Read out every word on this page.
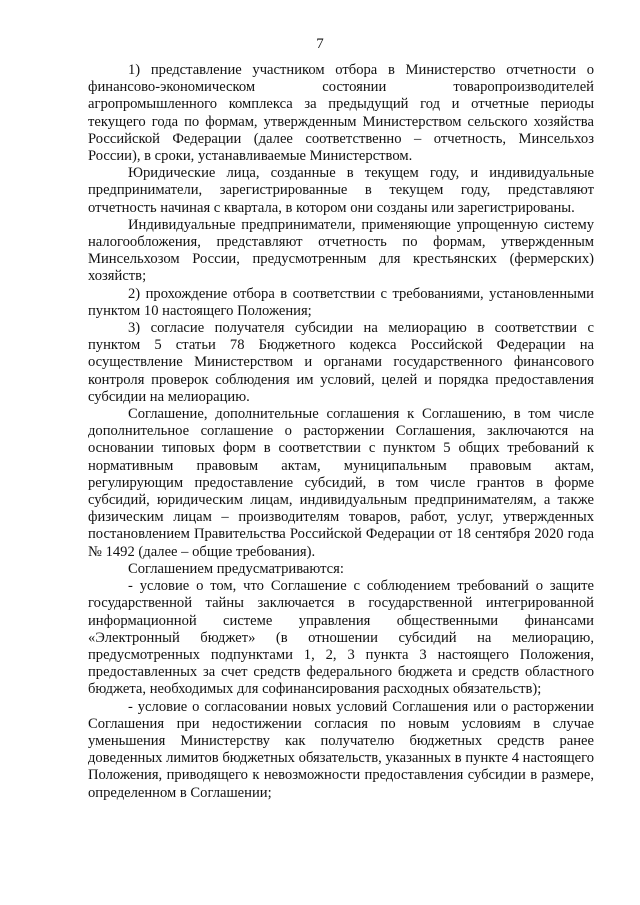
7

1) представление участником отбора в Министерство отчетности о финансово-экономическом состоянии товаропроизводителей агропромышленного комплекса за предыдущий год и отчетные периоды текущего года по формам, утвержденным Министерством сельского хозяйства Российской Федерации (далее соответственно – отчетность, Минсельхоз России), в сроки, устанавливаемые Министерством.

Юридические лица, созданные в текущем году, и индивидуальные предприниматели, зарегистрированные в текущем году, представляют отчетность начиная с квартала, в котором они созданы или зарегистрированы.

Индивидуальные предприниматели, применяющие упрощенную систему налогообложения, представляют отчетность по формам, утвержденным Минсельхозом России, предусмотренным для крестьянских (фермерских) хозяйств;

2) прохождение отбора в соответствии с требованиями, установленными пунктом 10 настоящего Положения;

3) согласие получателя субсидии на мелиорацию в соответствии с пунктом 5 статьи 78 Бюджетного кодекса Российской Федерации на осуществление Министерством и органами государственного финансового контроля проверок соблюдения им условий, целей и порядка предоставления субсидии на мелиорацию.

Соглашение, дополнительные соглашения к Соглашению, в том числе дополнительное соглашение о расторжении Соглашения, заключаются на основании типовых форм в соответствии с пунктом 5 общих требований к нормативным правовым актам, муниципальным правовым актам, регулирующим предоставление субсидий, в том числе грантов в форме субсидий, юридическим лицам, индивидуальным предпринимателям, а также физическим лицам – производителям товаров, работ, услуг, утвержденных постановлением Правительства Российской Федерации от 18 сентября 2020 года № 1492 (далее – общие требования).

Соглашением предусматриваются:

- условие о том, что Соглашение с соблюдением требований о защите государственной тайны заключается в государственной интегрированной информационной системе управления общественными финансами «Электронный бюджет» (в отношении субсидий на мелиорацию, предусмотренных подпунктами 1, 2, 3 пункта 3 настоящего Положения, предоставленных за счет средств федерального бюджета и средств областного бюджета, необходимых для софинансирования расходных обязательств);

- условие о согласовании новых условий Соглашения или о расторжении Соглашения при недостижении согласия по новым условиям в случае уменьшения Министерству как получателю бюджетных средств ранее доведенных лимитов бюджетных обязательств, указанных в пункте 4 настоящего Положения, приводящего к невозможности предоставления субсидии в размере, определенном в Соглашении;
